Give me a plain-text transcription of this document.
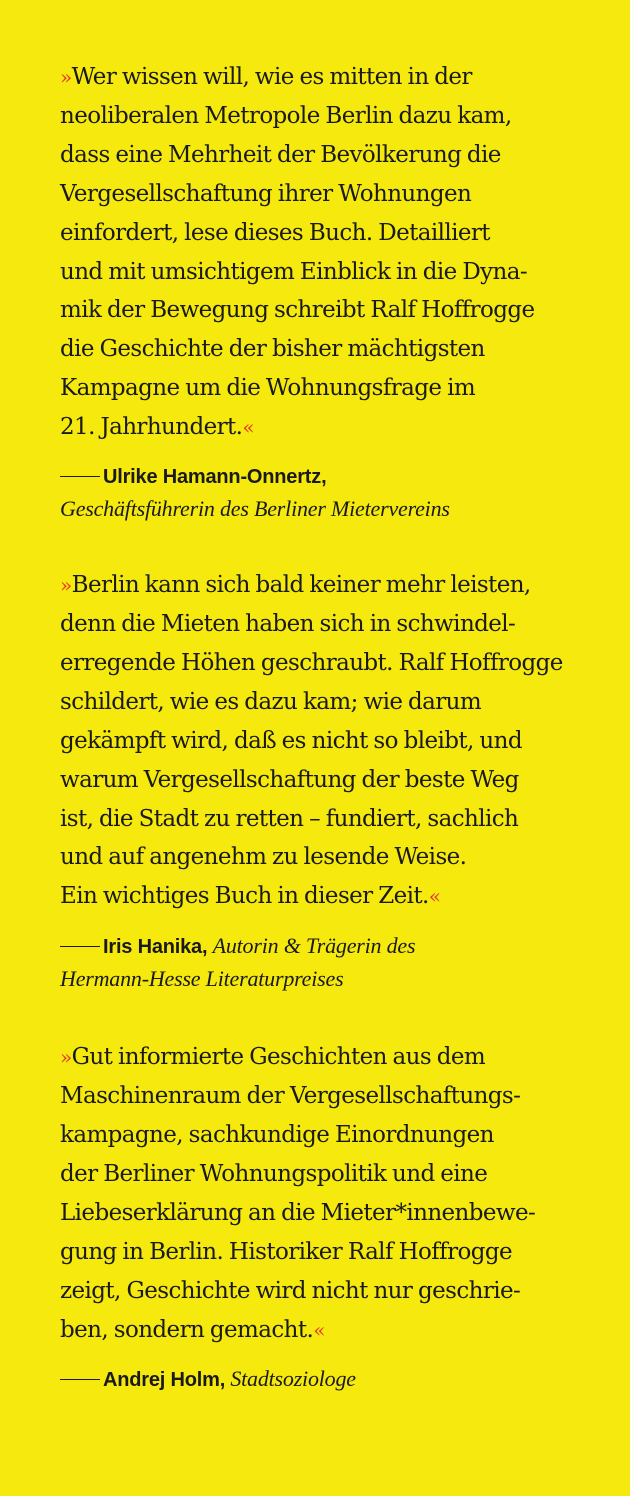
»Wer wissen will, wie es mitten in der
neoliberalen Metropole Berlin dazu kam,
dass eine Mehrheit der Bevölkerung die
Vergesellschaftung ihrer Wohnungen
einfordert, lese dieses Buch. Detailliert
und mit umsichtigem Einblick in die Dyna-
mik der Bewegung schreibt Ralf Hoffrogge
die Geschichte der bisher mächtigsten
Kampagne um die Wohnungsfrage im
21. Jahrhundert.«

Ulrike Hamann-Onnertz,
Geschäftsführerin des Berliner Mietervereins

»Berlin kann sich bald keiner mehr leisten,
denn die Mieten haben sich in schwindel-
erregende Höhen geschraubt. Ralf Hoffrogge
schildert, wie es dazu kam; wie darum
gekämpft wird, daß es nicht so bleibt, und
warum Vergesellschaftung der beste Weg
ist, die Stadt zu retten – fundiert, sachlich
und auf angenehm zu lesende Weise.
Ein wichtiges Buch in dieser Zeit.«

Iris Hanika, Autorin & Trägerin des
Hermann-Hesse Literaturpreises

»Gut informierte Geschichten aus dem
Maschinenraum der Vergesellschaftungs-
kampagne, sachkundige Einordnungen
der Berliner Wohnungspolitik und eine
Liebeserklärung an die Mieter*innenbewe-
gung in Berlin. Historiker Ralf Hoffrogge
zeigt, Geschichte wird nicht nur geschrie-
ben, sondern gemacht.«

Andrej Holm, Stadtsoziologe
